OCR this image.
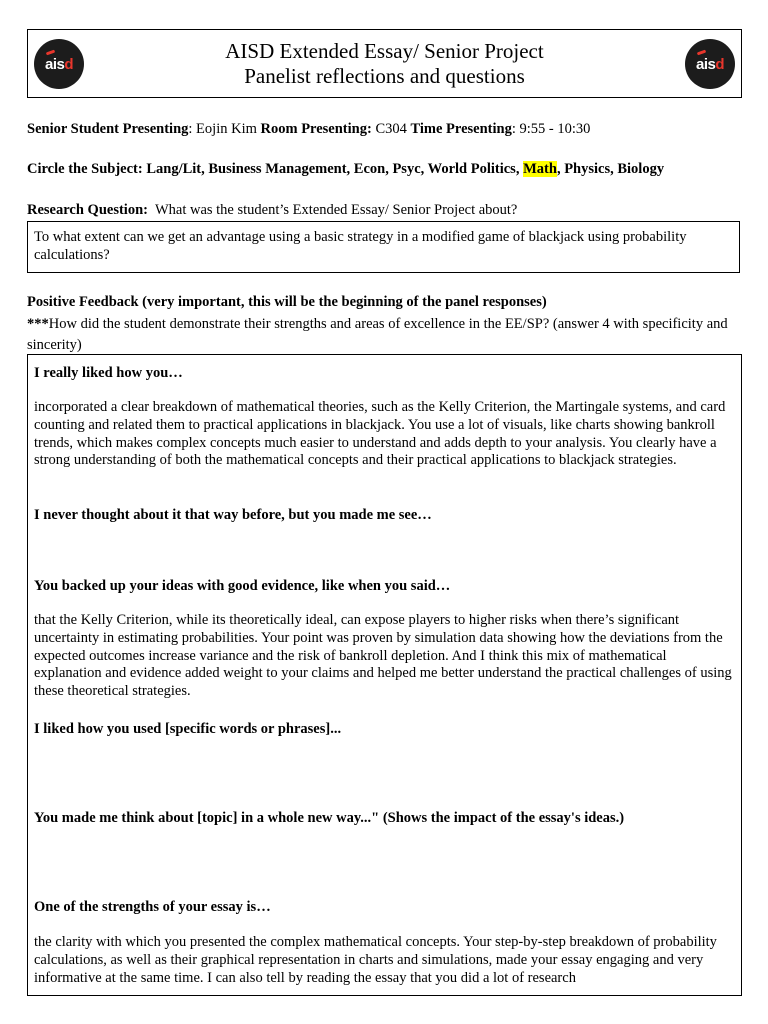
aisd
AISD Extended Essay/ Senior Project
Panelist reflections and questions	aisd
Senior Student Presenting: Eojin Kim Room Presenting: C304 Time Presenting: 9:55 - 10:30
Circle the Subject: Lang/Lit, Business Management, Econ, Psyc, World Politics, Math, Physics, Biology
Research Question:  What was the student’s Extended Essay/ Senior Project about?
To what extent can we get an advantage using a basic strategy in a modified game of blackjack using probability calculations?
Positive Feedback (very important, this will be the beginning of the panel responses)
***How did the student demonstrate their strengths and areas of excellence in the EE/SP? (answer 4 with specificity and sincerity)
I really liked how you…
incorporated a clear breakdown of mathematical theories, such as the Kelly Criterion, the Martingale systems, and card counting and related them to practical applications in blackjack. You use a lot of visuals, like charts showing bankroll trends, which makes complex concepts much easier to understand and adds depth to your analysis. You clearly have a strong understanding of both the mathematical concepts and their practical applications to blackjack strategies.
I never thought about it that way before, but you made me see…
You backed up your ideas with good evidence, like when you said…
that the Kelly Criterion, while its theoretically ideal, can expose players to higher risks when there’s significant uncertainty in estimating probabilities. Your point was proven by simulation data showing how the deviations from the expected outcomes increase variance and the risk of bankroll depletion. And I think this mix of mathematical explanation and evidence added weight to your claims and helped me better understand the practical challenges of using these theoretical strategies.
I liked how you used [specific words or phrases]...
You made me think about [topic] in a whole new way..." (Shows the impact of the essay's ideas.)
One of the strengths of your essay is…
the clarity with which you presented the complex mathematical concepts. Your step-by-step breakdown of probability calculations, as well as their graphical representation in charts and simulations, made your essay engaging and very informative at the same time. I can also tell by reading the essay that you did a lot of research
